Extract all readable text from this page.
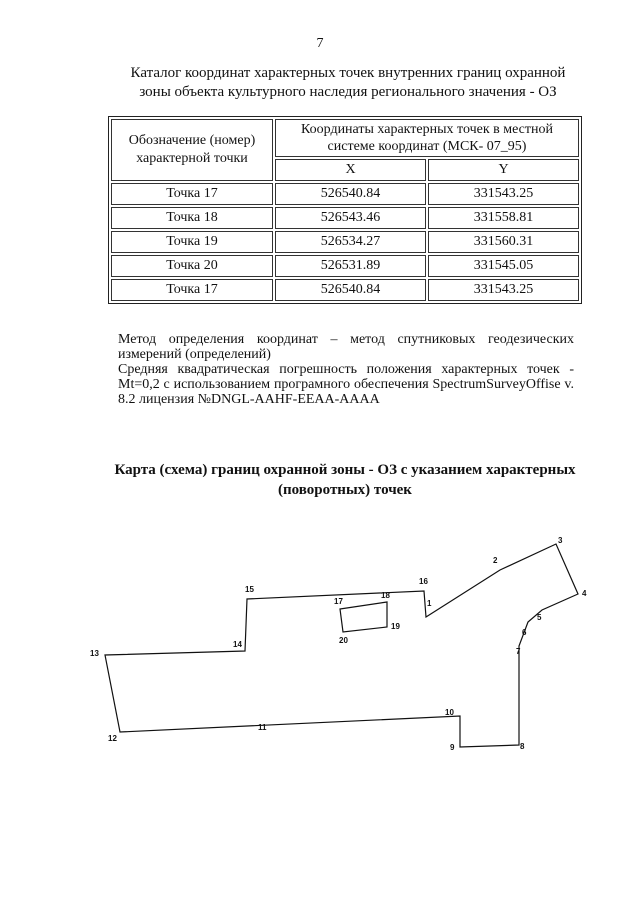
7
Каталог координат характерных точек внутренних границ охранной зоны объекта культурного наследия регионального значения - ОЗ
Обозначение (номер) характерной точки	Координаты характерных точек в местной системе координат (МСК- 07_95)	
	X	Y
Точка 17	526540.84	331543.25
Точка 18	526543.46	331558.81
Точка 19	526534.27	331560.31
Точка 20	526531.89	331545.05
Точка 17	526540.84	331543.25

Метод определения координат – метод спутниковых геодезических измерений (определений)

Средняя квадратическая погрешность положения характерных точек - Mt=0,2 с использованием програмного обеспечения SpectrumSurveyOffise v. 8.2 лицензия №DNGL-AAHF-EEAA-AAAA

Карта (схема) границ охранной зоны - ОЗ с указанием характерных (поворотных) точек
1
2
3
4
5
6
7
8
9
10
11
12
13
14
15
16
17
18
19
20
